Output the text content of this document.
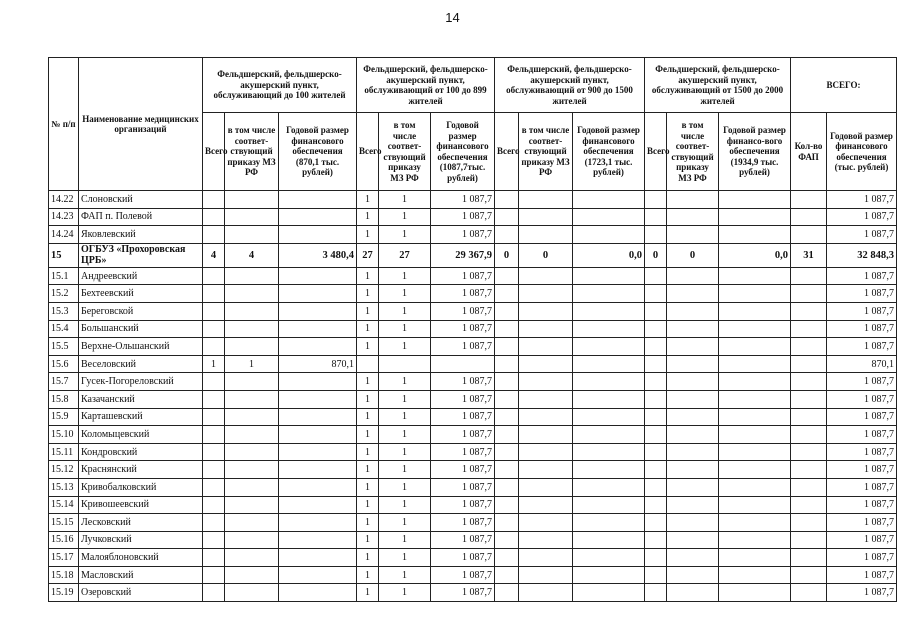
14
№ п/п	Наименование медицинских организаций	Фельдшерский, фельдшерско-акушерский пункт, обслуживающий до 100 жителей			Фельдшерский, фельдшерско-акушерский пункт, обслуживающий от 100 до 899 жителей			Фельдшерский, фельдшерско-акушерский пункт, обслуживающий от 900 до 1500 жителей			Фельдшерский, фельдшерско-акушерский пункт, обслуживающий от 1500 до 2000 жителей			ВСЕГО:	
		Всего	в том числе соответ-ствующий приказу МЗ РФ	Годовой размер финансового обеспечения (870,1 тыс. рублей)	Всего	в том числе соответ-ствующий приказу МЗ РФ	Годовой размер финансового обеспечения (1087,7тыс. рублей)	Всего	в том числе соответ-ствующий приказу МЗ РФ	Годовой размер финансового обеспечения (1723,1 тыс. рублей)	Всего	в том числе соответ-ствующий приказу МЗ РФ	Годовой размер финансо-вого обеспечения (1934,9 тыс. рублей)	Кол-во ФАП	Годовой размер финансового обеспечения (тыс. рублей)
14.22	Слоновский				1	1	1 087,7								1 087,7
14.23	ФАП п. Полевой				1	1	1 087,7								1 087,7
14.24	Яковлевский				1	1	1 087,7								1 087,7
15	ОГБУЗ «Прохоровская ЦРБ»	4	4	3 480,4	27	27	29 367,9	0	0	0,0	0	0	0,0	31	32 848,3
15.1	Андреевский				1	1	1 087,7								1 087,7
15.2	Бехтеевский				1	1	1 087,7								1 087,7
15.3	Береговской				1	1	1 087,7								1 087,7
15.4	Большанский				1	1	1 087,7								1 087,7
15.5	Верхне-Ольшанский				1	1	1 087,7								1 087,7
15.6	Веселовский	1	1	870,1											870,1
15.7	Гусек-Погореловский				1	1	1 087,7								1 087,7
15.8	Казачанский				1	1	1 087,7								1 087,7
15.9	Карташевский				1	1	1 087,7								1 087,7
15.10	Коломыцевский				1	1	1 087,7								1 087,7
15.11	Кондровский				1	1	1 087,7								1 087,7
15.12	Краснянский				1	1	1 087,7								1 087,7
15.13	Кривобалковский				1	1	1 087,7								1 087,7
15.14	Кривошеевский				1	1	1 087,7								1 087,7
15.15	Лесковский				1	1	1 087,7								1 087,7
15.16	Лучковский				1	1	1 087,7								1 087,7
15.17	Малояблоновский				1	1	1 087,7								1 087,7
15.18	Масловский				1	1	1 087,7								1 087,7
15.19	Озеровский				1	1	1 087,7								1 087,7
